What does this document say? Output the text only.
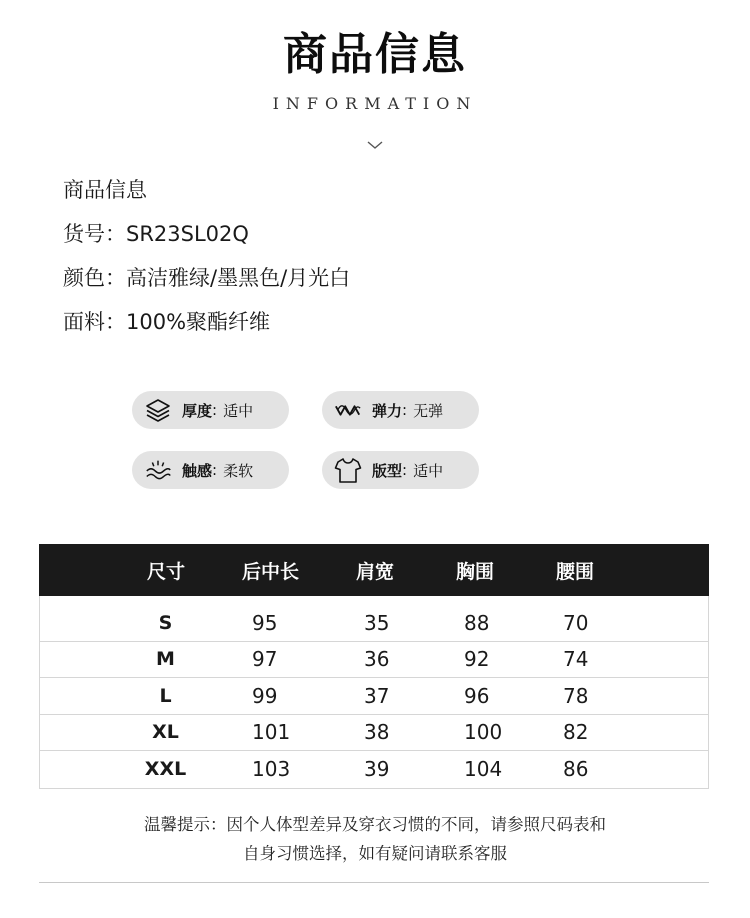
商品信息
INFORMATION
商品信息
货号：SR23SL02Q
颜色：高洁雅绿/墨黑色/月光白
面料：100%聚酯纤维
厚度 : 适中	弹力 : 无弹
触感 : 柔软	版型 : 适中
尺寸	后中长	肩宽	胸围	腰围
S	95	35	88	70
M	97	36	92	74
L	99	37	96	78
XL	101	38	100	82
XXL	103	39	104	86
温馨提示：因个人体型差异及穿衣习惯的不同，请参照尺码表和
自身习惯选择，如有疑问请联系客服
